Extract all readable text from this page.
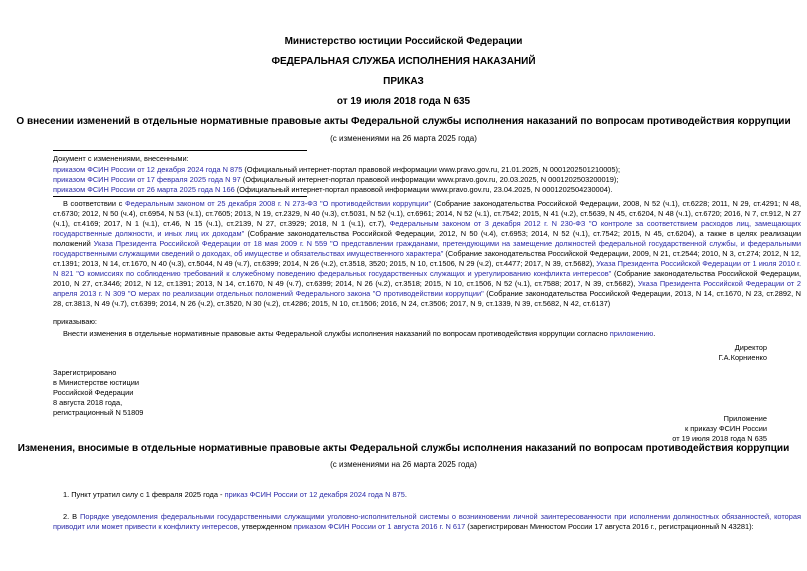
Министерство юстиции Российской Федерации
ФЕДЕРАЛЬНАЯ СЛУЖБА ИСПОЛНЕНИЯ НАКАЗАНИЙ
ПРИКАЗ
от 19 июля 2018 года N 635
О внесении изменений в отдельные нормативные правовые акты Федеральной службы исполнения наказаний по вопросам противодействия коррупции
(с изменениями на 26 марта 2025 года)
Документ с изменениями, внесенными:
приказом ФСИН России от 12 декабря 2024 года N 875 (Официальный интернет-портал правовой информации www.pravo.gov.ru, 21.01.2025, N 0001202501210005);
приказом ФСИН России от 17 февраля 2025 года N 97 (Официальный интернет-портал правовой информации www.pravo.gov.ru, 20.03.2025, N 0001202503200019);
приказом ФСИН России от 26 марта 2025 года N 166 (Официальный интернет-портал правовой информации www.pravo.gov.ru, 23.04.2025, N 0001202504230004).
В соответствии с Федеральным законом от 25 декабря 2008 г. N 273-ФЗ "О противодействии коррупции" (Собрание законодательства Российской Федерации, 2008, N 52 (ч.1), ст.6228; 2011, N 29, ст.4291; N 48, ст.6730; 2012, N 50 (ч.4), ст.6954, N 53 (ч.1), ст.7605; 2013, N 19, ст.2329, N 40 (ч.3), ст.5031, N 52 (ч.1), ст.6961; 2014, N 52 (ч.1), ст.7542; 2015, N 41 (ч.2), ст.5639, N 45, ст.6204, N 48 (ч.1), ст.6720; 2016, N 7, ст.912, N 27 (ч.1), ст.4169; 2017, N 1 (ч.1), ст.46, N 15 (ч.1), ст.2139, N 27, ст.3929; 2018, N 1 (ч.1), ст.7), Федеральным законом от 3 декабря 2012 г. N 230-ФЗ "О контроле за соответствием расходов лиц, замещающих государственные должности, и иных лиц их доходам" (Собрание законодательства Российской Федерации, 2012, N 50 (ч.4), ст.6953; 2014, N 52 (ч.1), ст.7542; 2015, N 45, ст.6204), а также в целях реализации положений Указа Президента Российской Федерации от 18 мая 2009 г. N 559 "О представлении гражданами, претендующими на замещение должностей федеральной государственной службы, и федеральными государственными служащими сведений о доходах, об имуществе и обязательствах имущественного характера" (Собрание законодательства Российской Федерации, 2009, N 21, ст.2544; 2010, N 3, ст.274; 2012, N 12, ст.1391; 2013, N 14, ст.1670, N 40 (ч.3), ст.5044, N 49 (ч.7), ст.6399; 2014, N 26 (ч.2), ст.3518, 3520; 2015, N 10, ст.1506, N 29 (ч.2), ст.4477; 2017, N 39, ст.5682), Указа Президента Российской Федерации от 1 июля 2010 г. N 821 "О комиссиях по соблюдению требований к служебному поведению федеральных государственных служащих и урегулированию конфликта интересов" (Собрание законодательства Российской Федерации, 2010, N 27, ст.3446; 2012, N 12, ст.1391; 2013, N 14, ст.1670, N 49 (ч.7), ст.6399; 2014, N 26 (ч.2), ст.3518; 2015, N 10, ст.1506, N 52 (ч.1), ст.7588; 2017, N 39, ст.5682), Указа Президента Российской Федерации от 2 апреля 2013 г. N 309 "О мерах по реализации отдельных положений Федерального закона "О противодействии коррупции" (Собрание законодательства Российской Федерации, 2013, N 14, ст.1670, N 23, ст.2892, N 28, ст.3813, N 49 (ч.7), ст.6399; 2014, N 26 (ч.2), ст.3520, N 30 (ч.2), ст.4286; 2015, N 10, ст.1506; 2016, N 24, ст.3506; 2017, N 9, ст.1339, N 39, ст.5682, N 42, ст.6137)
приказываю:
Внести изменения в отдельные нормативные правовые акты Федеральной службы исполнения наказаний по вопросам противодействия коррупции согласно приложению.
Директор
Г.А.Корниенко
Зарегистрировано
в Министерстве юстиции
Российской Федерации
8 августа 2018 года,
регистрационный N 51809
Приложение
к приказу ФСИН России
от 19 июля 2018 года N 635
Изменения, вносимые в отдельные нормативные правовые акты Федеральной службы исполнения наказаний по вопросам противодействия коррупции
(с изменениями на 26 марта 2025 года)
1. Пункт утратил силу с 1 февраля 2025 года - приказ ФСИН России от 12 декабря 2024 года N 875.
2. В Порядке уведомления федеральными государственными служащими уголовно-исполнительной системы о возникновении личной заинтересованности при исполнении должностных обязанностей, которая приводит или может привести к конфликту интересов, утвержденном приказом ФСИН России от 1 августа 2016 г. N 617 (зарегистрирован Минюстом России 17 августа 2016 г., регистрационный N 43281):
